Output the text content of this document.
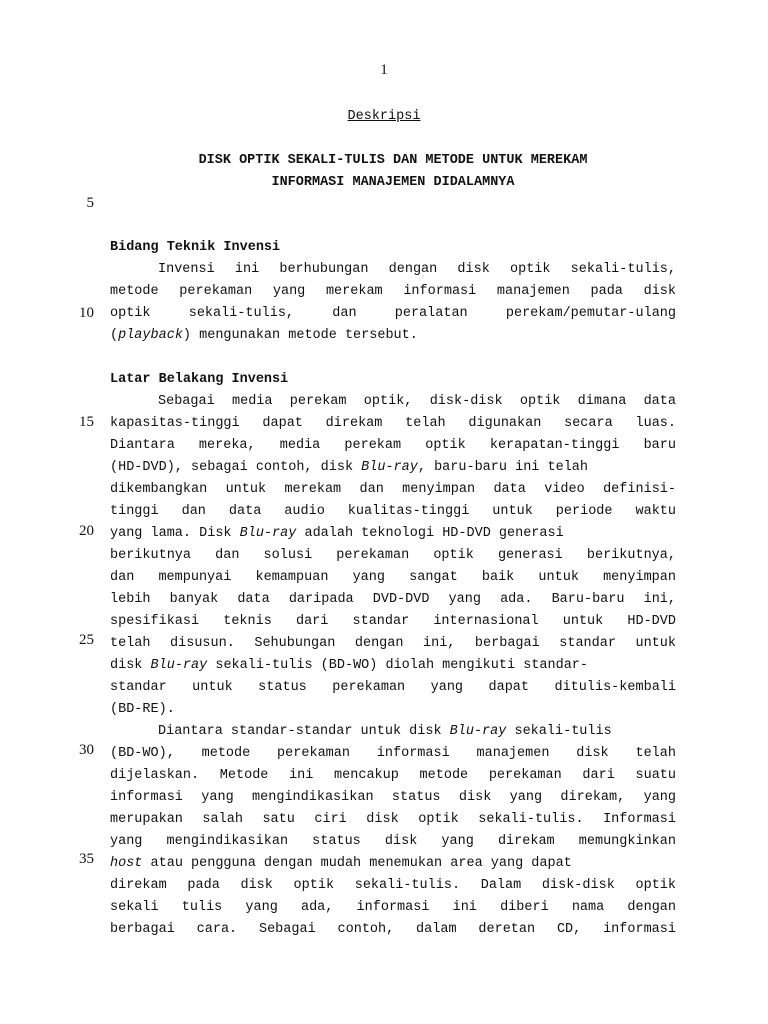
1
Deskripsi
DISK OPTIK SEKALI-TULIS DAN METODE UNTUK MEREKAM
INFORMASI MANAJEMEN DIDALAMNYA
5
10
15
20
25
30
35
Bidang Teknik Invensi
Invensi ini berhubungan dengan disk optik sekali-tulis,
metode perekaman yang merekam informasi manajemen pada disk
optik sekali-tulis, dan peralatan perekam/pemutar-ulang
(playback) mengunakan metode tersebut.
Latar Belakang Invensi
Sebagai media perekam optik, disk-disk optik dimana data
kapasitas-tinggi dapat direkam telah digunakan secara luas.
Diantara mereka, media perekam optik kerapatan-tinggi baru
(HD-DVD), sebagai contoh, disk Blu-ray, baru-baru ini telah
dikembangkan untuk merekam dan menyimpan data video definisi-
tinggi dan data audio kualitas-tinggi untuk periode waktu
yang lama. Disk Blu-ray adalah teknologi HD-DVD generasi
berikutnya dan solusi perekaman optik generasi berikutnya,
dan mempunyai kemampuan yang sangat baik untuk menyimpan
lebih banyak data daripada DVD-DVD yang ada. Baru-baru ini,
spesifikasi teknis dari standar internasional untuk HD-DVD
telah disusun. Sehubungan dengan ini, berbagai standar untuk
disk Blu-ray sekali-tulis (BD-WO) diolah mengikuti standar-
standar untuk status perekaman yang dapat ditulis-kembali
(BD-RE).
Diantara standar-standar untuk disk Blu-ray sekali-tulis
(BD-WO), metode perekaman informasi manajemen disk telah
dijelaskan. Metode ini mencakup metode perekaman dari suatu
informasi yang mengindikasikan status disk yang direkam, yang
merupakan salah satu ciri disk optik sekali-tulis. Informasi
yang mengindikasikan status disk yang direkam memungkinkan
host atau pengguna dengan mudah menemukan area yang dapat
direkam pada disk optik sekali-tulis. Dalam disk-disk optik
sekali tulis yang ada, informasi ini diberi nama dengan
berbagai cara. Sebagai contoh, dalam deretan CD, informasi
